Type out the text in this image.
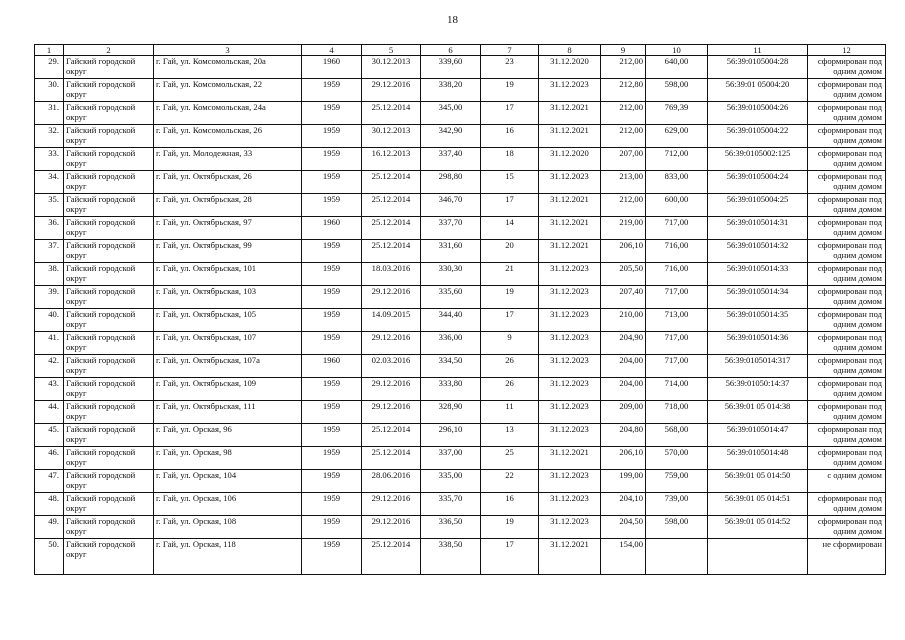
18
1	2	3	4	5	6	7	8	9	10	11	12
29.	Гайский городской округ	г. Гай, ул. Комсомольская, 20а	1960	30.12.2013	339,60	23	31.12.2020	212,00	640,00	56:39:0105004:28	сформирован под одним домом
30.	Гайский городской округ	г. Гай, ул. Комсомольская, 22	1959	29.12.2016	338,20	19	31.12.2023	212,80	598,00	56:39:01 05004:20	сформирован под одним домом
31.	Гайский городской округ	г. Гай, ул. Комсомольская, 24а	1959	25.12.2014	345,00	17	31.12.2021	212,00	769,39	56:39:0105004:26	сформирован под одним домом
32.	Гайский городской округ	г. Гай, ул. Комсомольская, 26	1959	30.12.2013	342,90	16	31.12.2021	212,00	629,00	56:39:0105004:22	сформирован под одним домом
33.	Гайский городской округ	г. Гай, ул. Молодежная, 33	1959	16.12.2013	337,40	18	31.12.2020	207,00	712,00	56:39:0105002:125	сформирован под одним домом
34.	Гайский городской округ	г. Гай, ул. Октябрьская, 26	1959	25.12.2014	298,80	15	31.12.2023	213,00	833,00	56:39:0105004:24	сформирован под одним домом
35.	Гайский городской округ	г. Гай, ул. Октябрьская, 28	1959	25.12.2014	346,70	17	31.12.2021	212,00	600,00	56:39:0105004:25	сформирован под одним домом
36.	Гайский городской округ	г. Гай, ул. Октябрьская, 97	1960	25.12.2014	337,70	14	31.12.2021	219,00	717,00	56:39:0105014:31	сформирован под одним домом
37.	Гайский городской округ	г. Гай, ул. Октябрьская, 99	1959	25.12.2014	331,60	20	31.12.2021	206,10	716,00	56:39:0105014:32	сформирован под одним домом
38.	Гайский городской округ	г. Гай, ул. Октябрьская, 101	1959	18.03.2016	330,30	21	31.12.2023	205,50	716,00	56:39:0105014:33	сформирован под одним домом
39.	Гайский городской округ	г. Гай, ул. Октябрьская, 103	1959	29.12.2016	335,60	19	31.12.2023	207,40	717,00	56:39:0105014:34	сформирован под одним домом
40.	Гайский городской округ	г. Гай, ул. Октябрьская, 105	1959	14.09.2015	344,40	17	31.12.2023	210,00	713,00	56:39:0105014:35	сформирован под одним домом
41.	Гайский городской округ	г. Гай, ул. Октябрьская, 107	1959	29.12.2016	336,00	9	31.12.2023	204,90	717,00	56:39:0105014:36	сформирован под одним домом
42.	Гайский городской округ	г. Гай, ул. Октябрьская, 107а	1960	02.03.2016	334,50	26	31.12.2023	204,00	717,00	56:39:0105014:317	сформирован под одним домом
43.	Гайский городской округ	г. Гай, ул. Октябрьская, 109	1959	29.12.2016	333,80	26	31.12.2023	204,00	714,00	56:39:01050:14:37	сформирован под одним домом
44.	Гайский городской округ	г. Гай, ул. Октябрьская, 111	1959	29.12.2016	328,90	11	31.12.2023	209,00	718,00	56:39:01 05 014:38	сформирован под одним домом
45.	Гайский городской округ	г. Гай, ул. Орская, 96	1959	25.12.2014	296,10	13	31.12.2023	204,80	568,00	56:39:0105014:47	сформирован под одним домом
46.	Гайский городской округ	г. Гай, ул. Орская, 98	1959	25.12.2014	337,00	25	31.12.2021	206,10	570,00	56:39:0105014:48	сформирован под одним домом
47.	Гайский городской округ	г. Гай, ул. Орская, 104	1959	28.06.2016	335,00	22	31.12.2023	199,00	759,00	56:39:01 05 014:50	с одним домом
48.	Гайский городской округ	г. Гай, ул. Орская, 106	1959	29.12.2016	335,70	16	31.12.2023	204,10	739,00	56:39:01 05 014:51	сформирован под одним домом
49.	Гайский городской округ	г. Гай, ул. Орская, 108	1959	29.12.2016	336,50	19	31.12.2023	204,50	598,00	56:39:01 05 014:52	сформирован под одним домом
50.	Гайский городской округ	г. Гай, ул. Орская, 118	1959	25.12.2014	338,50	17	31.12.2021	154,00			не сформирован
